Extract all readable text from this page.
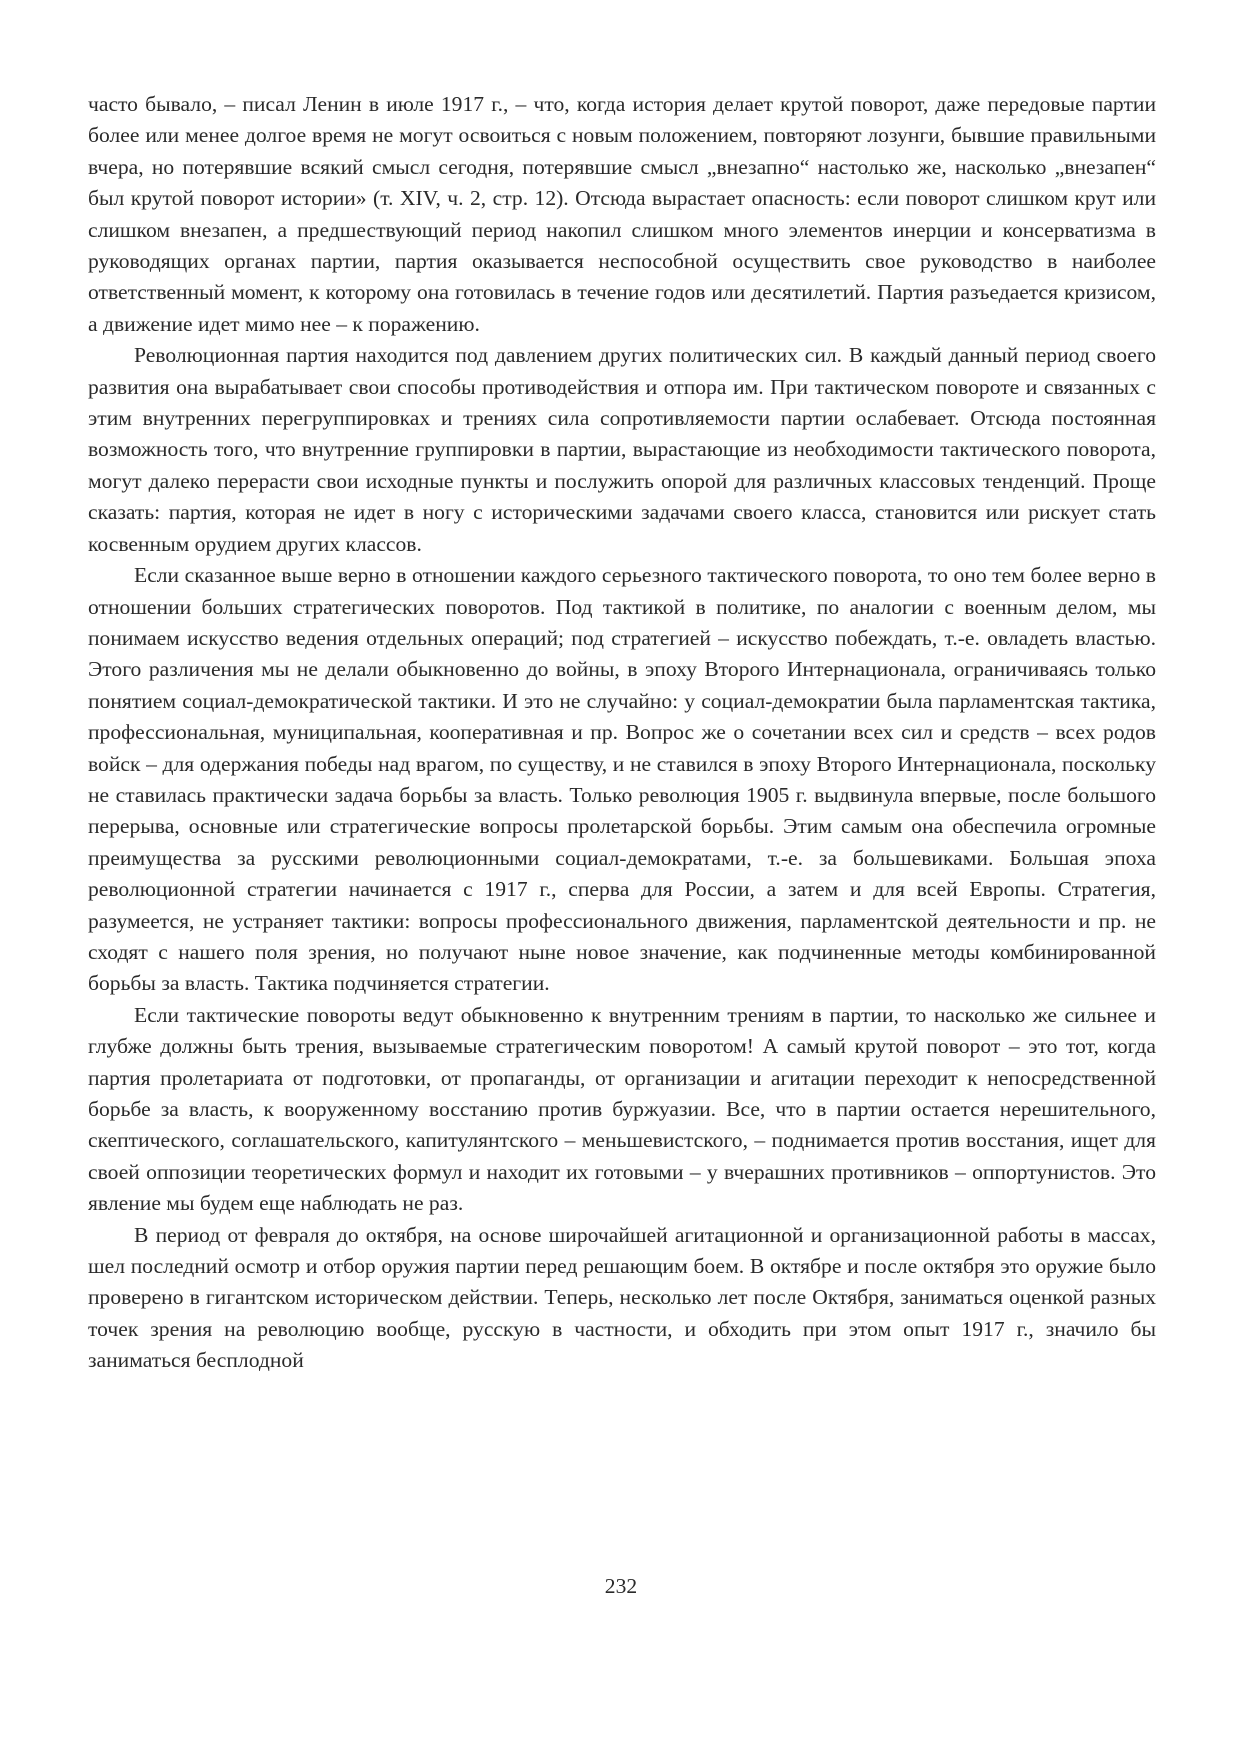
часто бывало, – писал Ленин в июле 1917 г., – что, когда история делает крутой поворот, даже передовые партии более или менее долгое время не могут освоиться с новым положением, повторяют лозунги, бывшие правильными вчера, но потерявшие всякий смысл сегодня, потерявшие смысл „внезапно“ настолько же, насколько „внезапен“ был крутой поворот истории» (т. XIV, ч. 2, стр. 12). Отсюда вырастает опасность: если поворот слишком крут или слишком внезапен, а предшествующий период накопил слишком много элементов инерции и консерватизма в руководящих органах партии, партия оказывается неспособной осуществить свое руководство в наиболее ответственный момент, к которому она готовилась в течение годов или десятилетий. Партия разъедается кризисом, а движение идет мимо нее – к поражению.

Революционная партия находится под давлением других политических сил. В каждый данный период своего развития она вырабатывает свои способы противодействия и отпора им. При тактическом повороте и связанных с этим внутренних перегруппировках и трениях сила сопротивляемости партии ослабевает. Отсюда постоянная возможность того, что внутренние группировки в партии, вырастающие из необходимости тактического поворота, могут далеко перерасти свои исходные пункты и послужить опорой для различных классовых тенденций. Проще сказать: партия, которая не идет в ногу с историческими задачами своего класса, становится или рискует стать косвенным орудием других классов.

Если сказанное выше верно в отношении каждого серьезного тактического поворота, то оно тем более верно в отношении больших стратегических поворотов. Под тактикой в политике, по аналогии с военным делом, мы понимаем искусство ведения отдельных операций; под стратегией – искусство побеждать, т.-е. овладеть властью. Этого различения мы не делали обыкновенно до войны, в эпоху Второго Интернационала, ограничиваясь только понятием социал-демократической тактики. И это не случайно: у социал-демократии была парламентская тактика, профессиональная, муниципальная, кооперативная и пр. Вопрос же о сочетании всех сил и средств – всех родов войск – для одержания победы над врагом, по существу, и не ставился в эпоху Второго Интернационала, поскольку не ставилась практически задача борьбы за власть. Только революция 1905 г. выдвинула впервые, после большого перерыва, основные или стратегические вопросы пролетарской борьбы. Этим самым она обеспечила огромные преимущества за русскими революционными социал-демократами, т.-е. за большевиками. Большая эпоха революционной стратегии начинается с 1917 г., сперва для России, а затем и для всей Европы. Стратегия, разумеется, не устраняет тактики: вопросы профессионального движения, парламентской деятельности и пр. не сходят с нашего поля зрения, но получают ныне новое значение, как подчиненные методы комбинированной борьбы за власть. Тактика подчиняется стратегии.

Если тактические повороты ведут обыкновенно к внутренним трениям в партии, то насколько же сильнее и глубже должны быть трения, вызываемые стратегическим поворотом! А самый крутой поворот – это тот, когда партия пролетариата от подготовки, от пропаганды, от организации и агитации переходит к непосредственной борьбе за власть, к вооруженному восстанию против буржуазии. Все, что в партии остается нерешительного, скептического, соглашательского, капитулянтского – меньшевистского, – поднимается против восстания, ищет для своей оппозиции теоретических формул и находит их готовыми – у вчерашних противников – оппортунистов. Это явление мы будем еще наблюдать не раз.

В период от февраля до октября, на основе широчайшей агитационной и организационной работы в массах, шел последний осмотр и отбор оружия партии перед решающим боем. В октябре и после октября это оружие было проверено в гигантском историческом действии. Теперь, несколько лет после Октября, заниматься оценкой разных точек зрения на революцию вообще, русскую в частности, и обходить при этом опыт 1917 г., значило бы заниматься бесплодной

232
